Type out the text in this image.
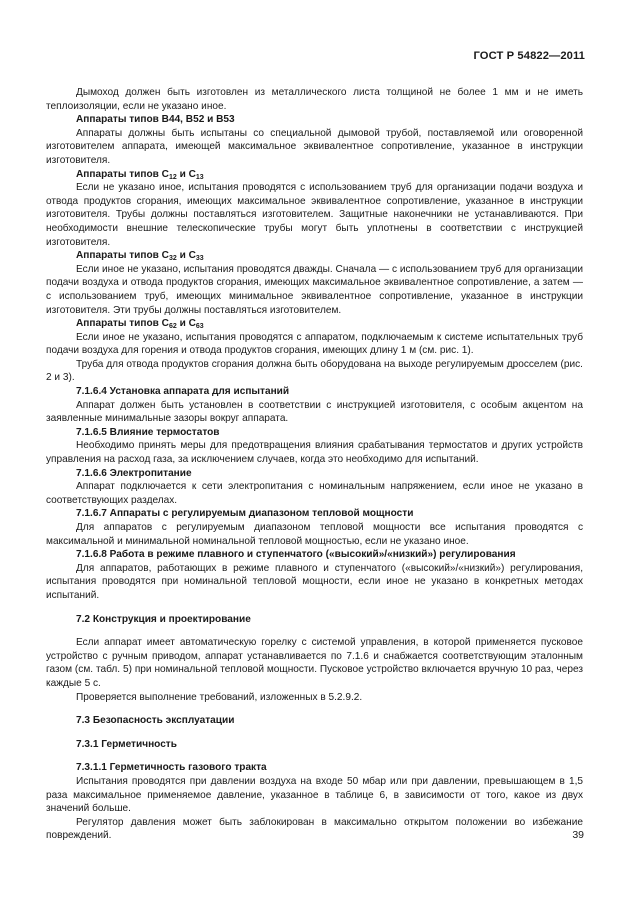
ГОСТ Р 54822—2011

Дымоход должен быть изготовлен из металлического листа толщиной не более 1 мм и не иметь теплоизоляции, если не указано иное.

Аппараты типов В44, В52 и В53

Аппараты должны быть испытаны со специальной дымовой трубой, поставляемой или оговоренной изготовителем аппарата, имеющей максимальное эквивалентное сопротивление, указанное в инструкции изготовителя.

Аппараты типов $С_{12}$ и $С_{13}$

Если не указано иное, испытания проводятся с использованием труб для организации подачи воздуха и отвода продуктов сгорания, имеющих максимальное эквивалентное сопротивление, указанное в инструкции изготовителя. Трубы должны поставляться изготовителем. Защитные наконечники не устанавливаются. При необходимости внешние телескопические трубы могут быть уплотнены в соответствии с инструкцией изготовителя.

Аппараты типов $С_{32}$ и $С_{33}$

Если иное не указано, испытания проводятся дважды. Сначала — с использованием труб для организации подачи воздуха и отвода продуктов сгорания, имеющих максимальное эквивалентное сопротивление, а затем — с использованием труб, имеющих минимальное эквивалентное сопротивление, указанное в инструкции изготовителя. Эти трубы должны поставляться изготовителем.

Аппараты типов $С_{62}$ и $С_{63}$

Если иное не указано, испытания проводятся с аппаратом, подключаемым к системе испытательных труб подачи воздуха для горения и отвода продуктов сгорания, имеющих длину 1 м (см. рис. 1).

Труба для отвода продуктов сгорания должна быть оборудована на выходе регулируемым дросселем (рис. 2 и 3).

7.1.6.4 Установка аппарата для испытаний

Аппарат должен быть установлен в соответствии с инструкцией изготовителя, с особым акцентом на заявленные минимальные зазоры вокруг аппарата.

7.1.6.5 Влияние термостатов

Необходимо принять меры для предотвращения влияния срабатывания термостатов и других устройств управления на расход газа, за исключением случаев, когда это необходимо для испытаний.

7.1.6.6 Электропитание

Аппарат подключается к сети электропитания с номинальным напряжением, если иное не указано в соответствующих разделах.

7.1.6.7 Аппараты с регулируемым диапазоном тепловой мощности

Для аппаратов с регулируемым диапазоном тепловой мощности все испытания проводятся с максимальной и минимальной номинальной тепловой мощностью, если не указано иное.

7.1.6.8 Работа в режиме плавного и ступенчатого («высокий»/«низкий») регулирования

Для аппаратов, работающих в режиме плавного и ступенчатого («высокий»/«низкий») регулирования, испытания проводятся при номинальной тепловой мощности, если иное не указано в конкретных методах испытаний.

7.2 Конструкция и проектирование

Если аппарат имеет автоматическую горелку с системой управления, в которой применяется пусковое устройство с ручным приводом, аппарат устанавливается по 7.1.6 и снабжается соответствующим эталонным газом (см. табл. 5) при номинальной тепловой мощности. Пусковое устройство включается вручную 10 раз, через каждые 5 с.

Проверяется выполнение требований, изложенных в 5.2.9.2.

7.3 Безопасность эксплуатации

7.3.1 Герметичность

7.3.1.1 Герметичность газового тракта

Испытания проводятся при давлении воздуха на входе 50 мбар или при давлении, превышающем в 1,5 раза максимальное применяемое давление, указанное в таблице 6, в зависимости от того, какое из двух значений больше.

Регулятор давления может быть заблокирован в максимально открытом положении во избежание повреждений.	39
